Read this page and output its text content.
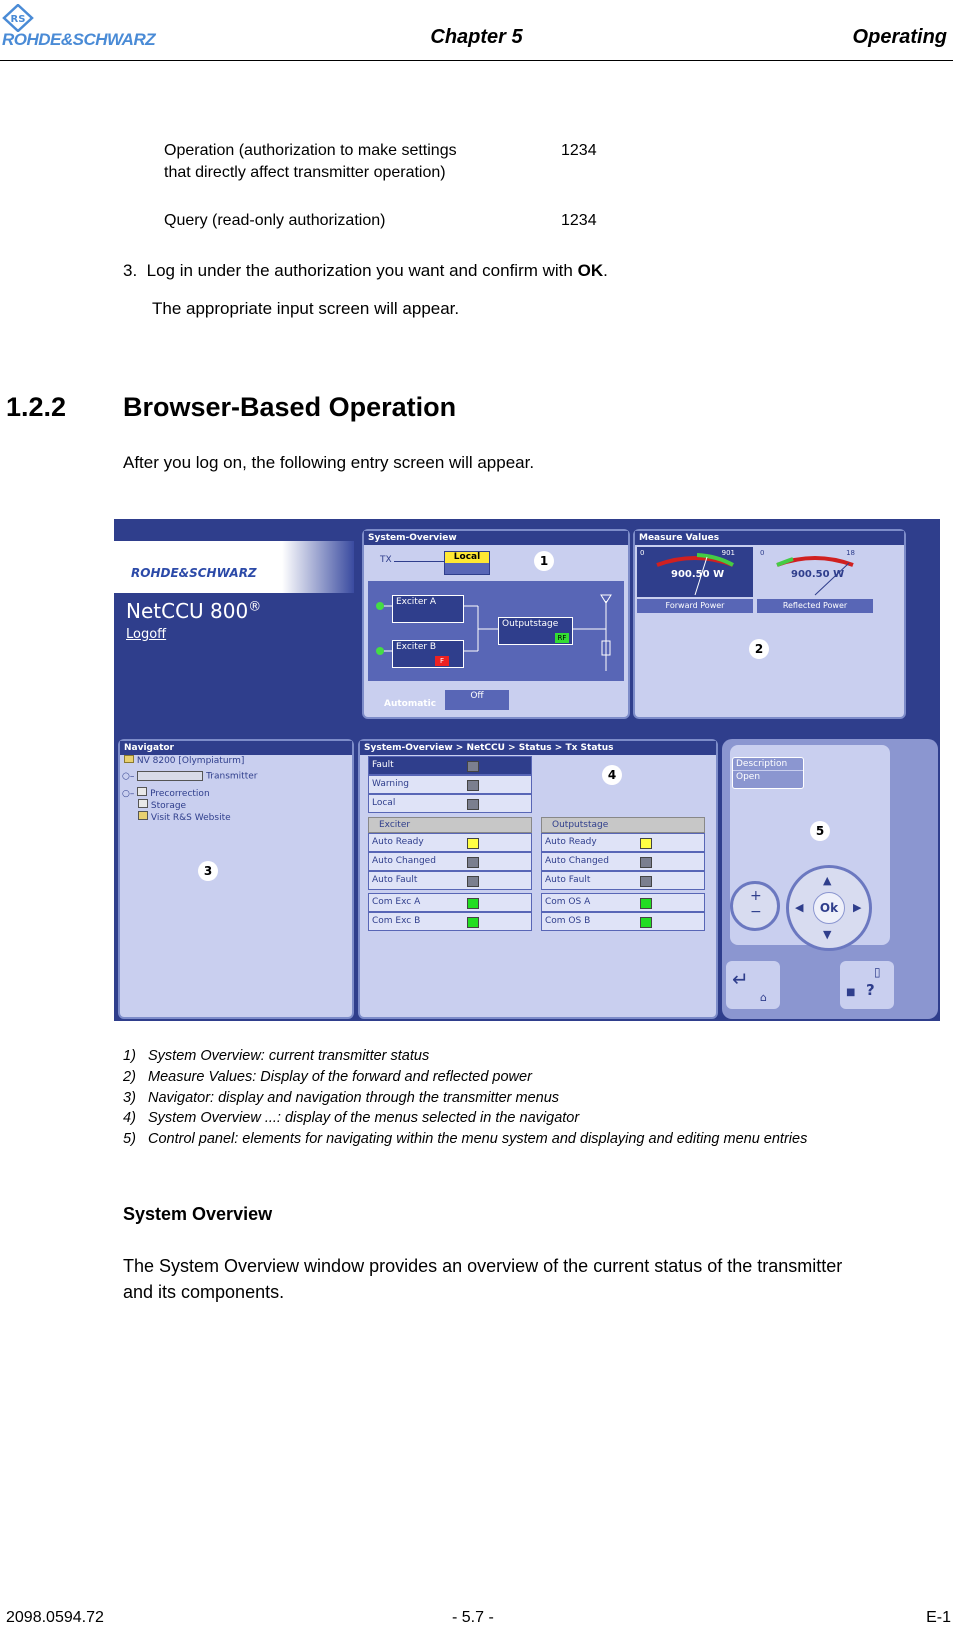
RS
ROHDE&SCHWARZ	Chapter 5	Operating
Operation (authorization to make settings
that directly affect transmitter operation)
1234
Query (read-only authorization)	1234
3. Log in under the authorization you want and confirm with OK.
The appropriate input screen will appear.
1.2.2 Browser-Based Operation
After you log on, the following entry screen will appear.
ROHDE&SCHWARZ
NetCCU 800®
Logoff
System-Overview
TX	Local	1
Exciter A
Exciter B
F
Outputstage
RF
Automatic
Off
Measure Values
0	901
900.50 W
Forward Power
0	18
900.50 W
Reflected Power
2
Navigator
NV 8200 [Olympiaturm]
○–	Transmitter
○– Precorrection
Storage
Visit R&S Website
3
System-Overview > NetCCU > Status > Tx Status
Fault
Warning
Local
4
Exciter
Auto Ready
Auto Changed
Auto Fault
Com Exc A
Com Exc B
Outputstage
Auto Ready
Auto Changed
Auto Fault
Com OS A
Com OS B
Description
Open
5
▲
▼
◀	▶
Ok
+
−
↵
⌂
▯
■ ?
1) System Overview: current transmitter status
2) Measure Values: Display of the forward and reflected power
3) Navigator: display and navigation through the transmitter menus
4) System Overview ...: display of the menus selected in the navigator
5) Control panel: elements for navigating within the menu system and displaying and editing menu entries
System Overview
The System Overview window provides an overview of the current status of the transmitter
and its components.
2098.0594.72	- 5.7 -	E-1
